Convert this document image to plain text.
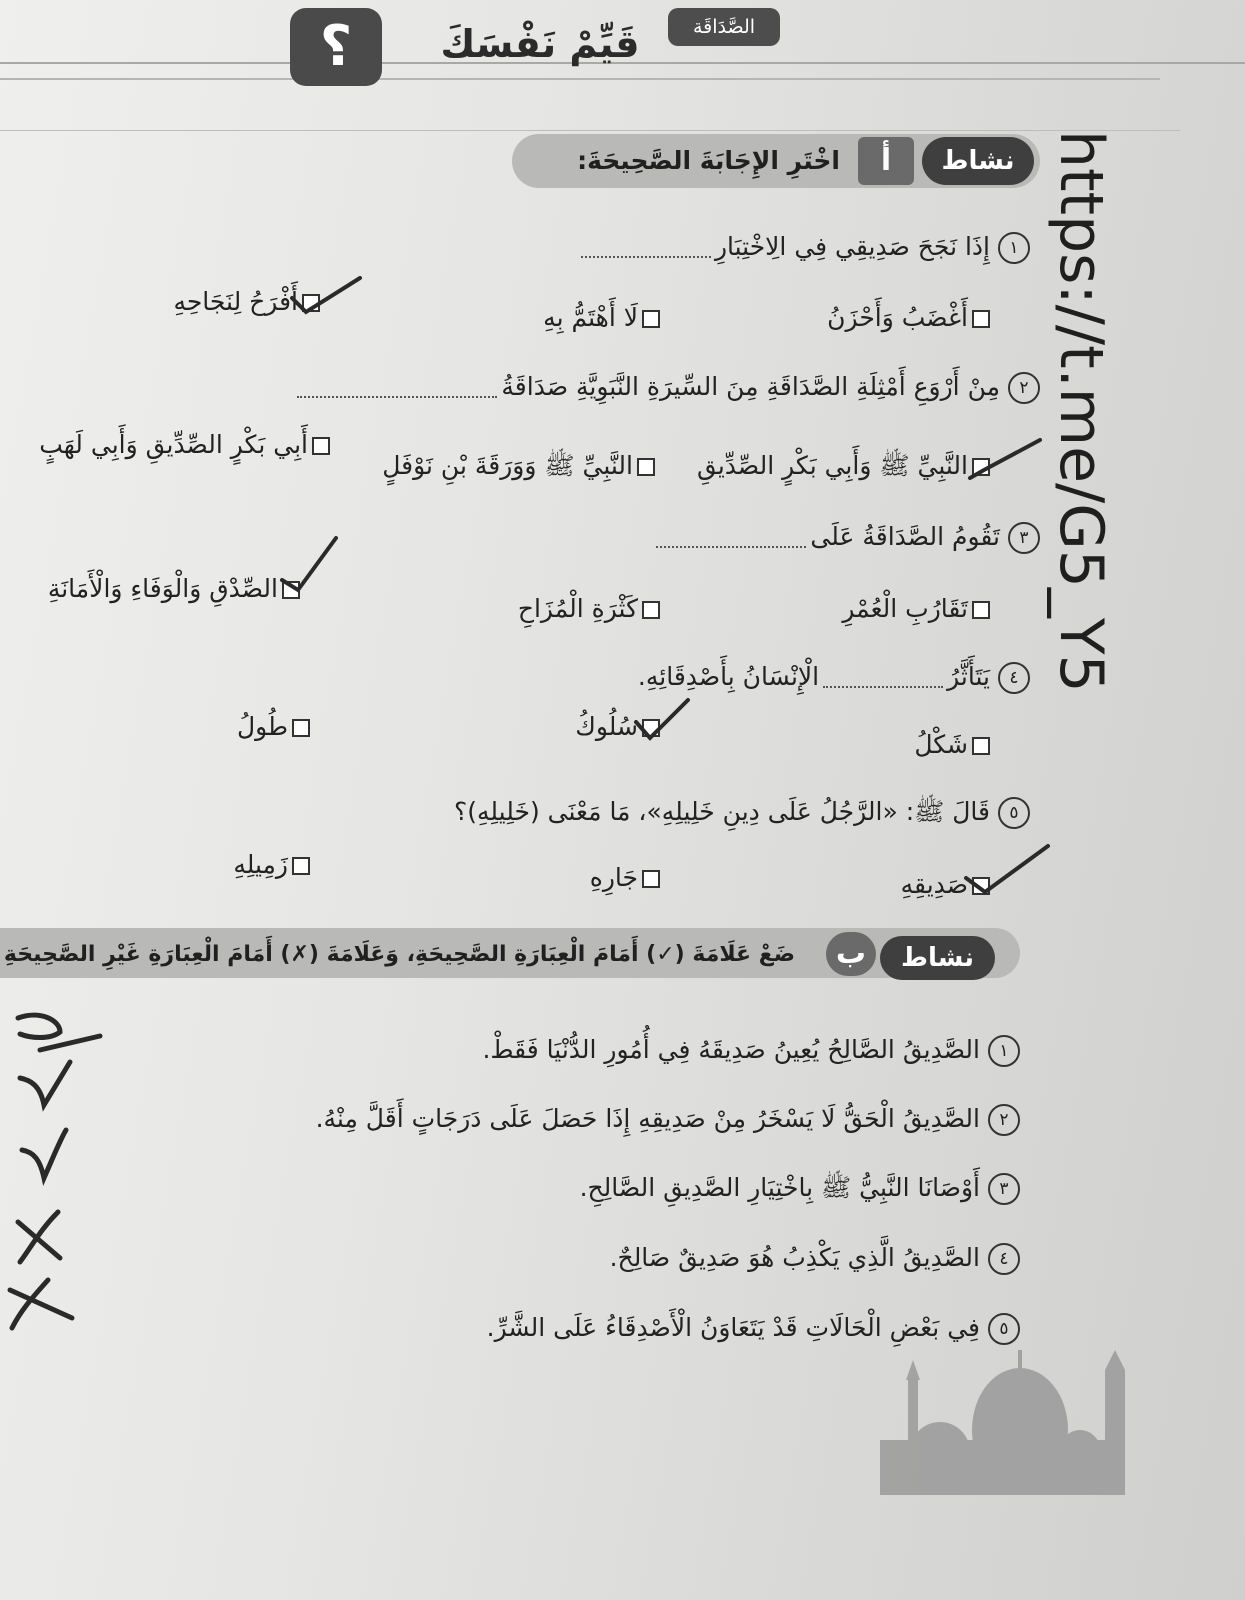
؟	قَيِّمْ نَفْسَكَ	الصَّدَاقَة
https://t.me/G5_Y5
نشاط
أ
اخْتَرِ الإِجَابَةَ الصَّحِيحَةَ:
١إِذَا نَجَحَ صَدِيقِي فِي الِاخْتِبَارِ
أَغْضَبُ وَأَحْزَنُ
لَا أَهْتَمُّ بِهِ
أَفْرَحُ لِنَجَاحِهِ
٢مِنْ أَرْوَعِ أَمْثِلَةِ الصَّدَاقَةِ مِنَ السِّيرَةِ النَّبَوِيَّةِ صَدَاقَةُ
النَّبِيِّ ﷺ وَأَبِي بَكْرٍ الصِّدِّيقِ
النَّبِيِّ ﷺ وَوَرَقَةَ بْنِ نَوْفَلٍ
أَبِي بَكْرٍ الصِّدِّيقِ وَأَبِي لَهَبٍ
٣تَقُومُ الصَّدَاقَةُ عَلَى
تَقَارُبِ الْعُمْرِ
كَثْرَةِ الْمُزَاحِ
الصِّدْقِ وَالْوَفَاءِ وَالْأَمَانَةِ
٤يَتَأَثَّرُالْإِنْسَانُ بِأَصْدِقَائِهِ.
شَكْلُ
سُلُوكُ
طُولُ
٥قَالَ ﷺ: «الرَّجُلُ عَلَى دِينِ خَلِيلِهِ»، مَا مَعْنَى (خَلِيلِهِ)؟
صَدِيقِهِ
جَارِهِ
زَمِيلِهِ
نشاط
ب
ضَعْ عَلَامَةَ (✓) أَمَامَ الْعِبَارَةِ الصَّحِيحَةِ، وَعَلَامَةَ (✗) أَمَامَ الْعِبَارَةِ غَيْرِ الصَّحِيحَةِ
١الصَّدِيقُ الصَّالِحُ يُعِينُ صَدِيقَهُ فِي أُمُورِ الدُّنْيَا فَقَطْ.
٢الصَّدِيقُ الْحَقُّ لَا يَسْخَرُ مِنْ صَدِيقِهِ إِذَا حَصَلَ عَلَى دَرَجَاتٍ أَقَلَّ مِنْهُ.
٣أَوْصَانَا النَّبِيُّ ﷺ بِاخْتِيَارِ الصَّدِيقِ الصَّالِحِ.
٤الصَّدِيقُ الَّذِي يَكْذِبُ هُوَ صَدِيقٌ صَالِحٌ.
٥فِي بَعْضِ الْحَالَاتِ قَدْ يَتَعَاوَنُ الْأَصْدِقَاءُ عَلَى الشَّرِّ.
